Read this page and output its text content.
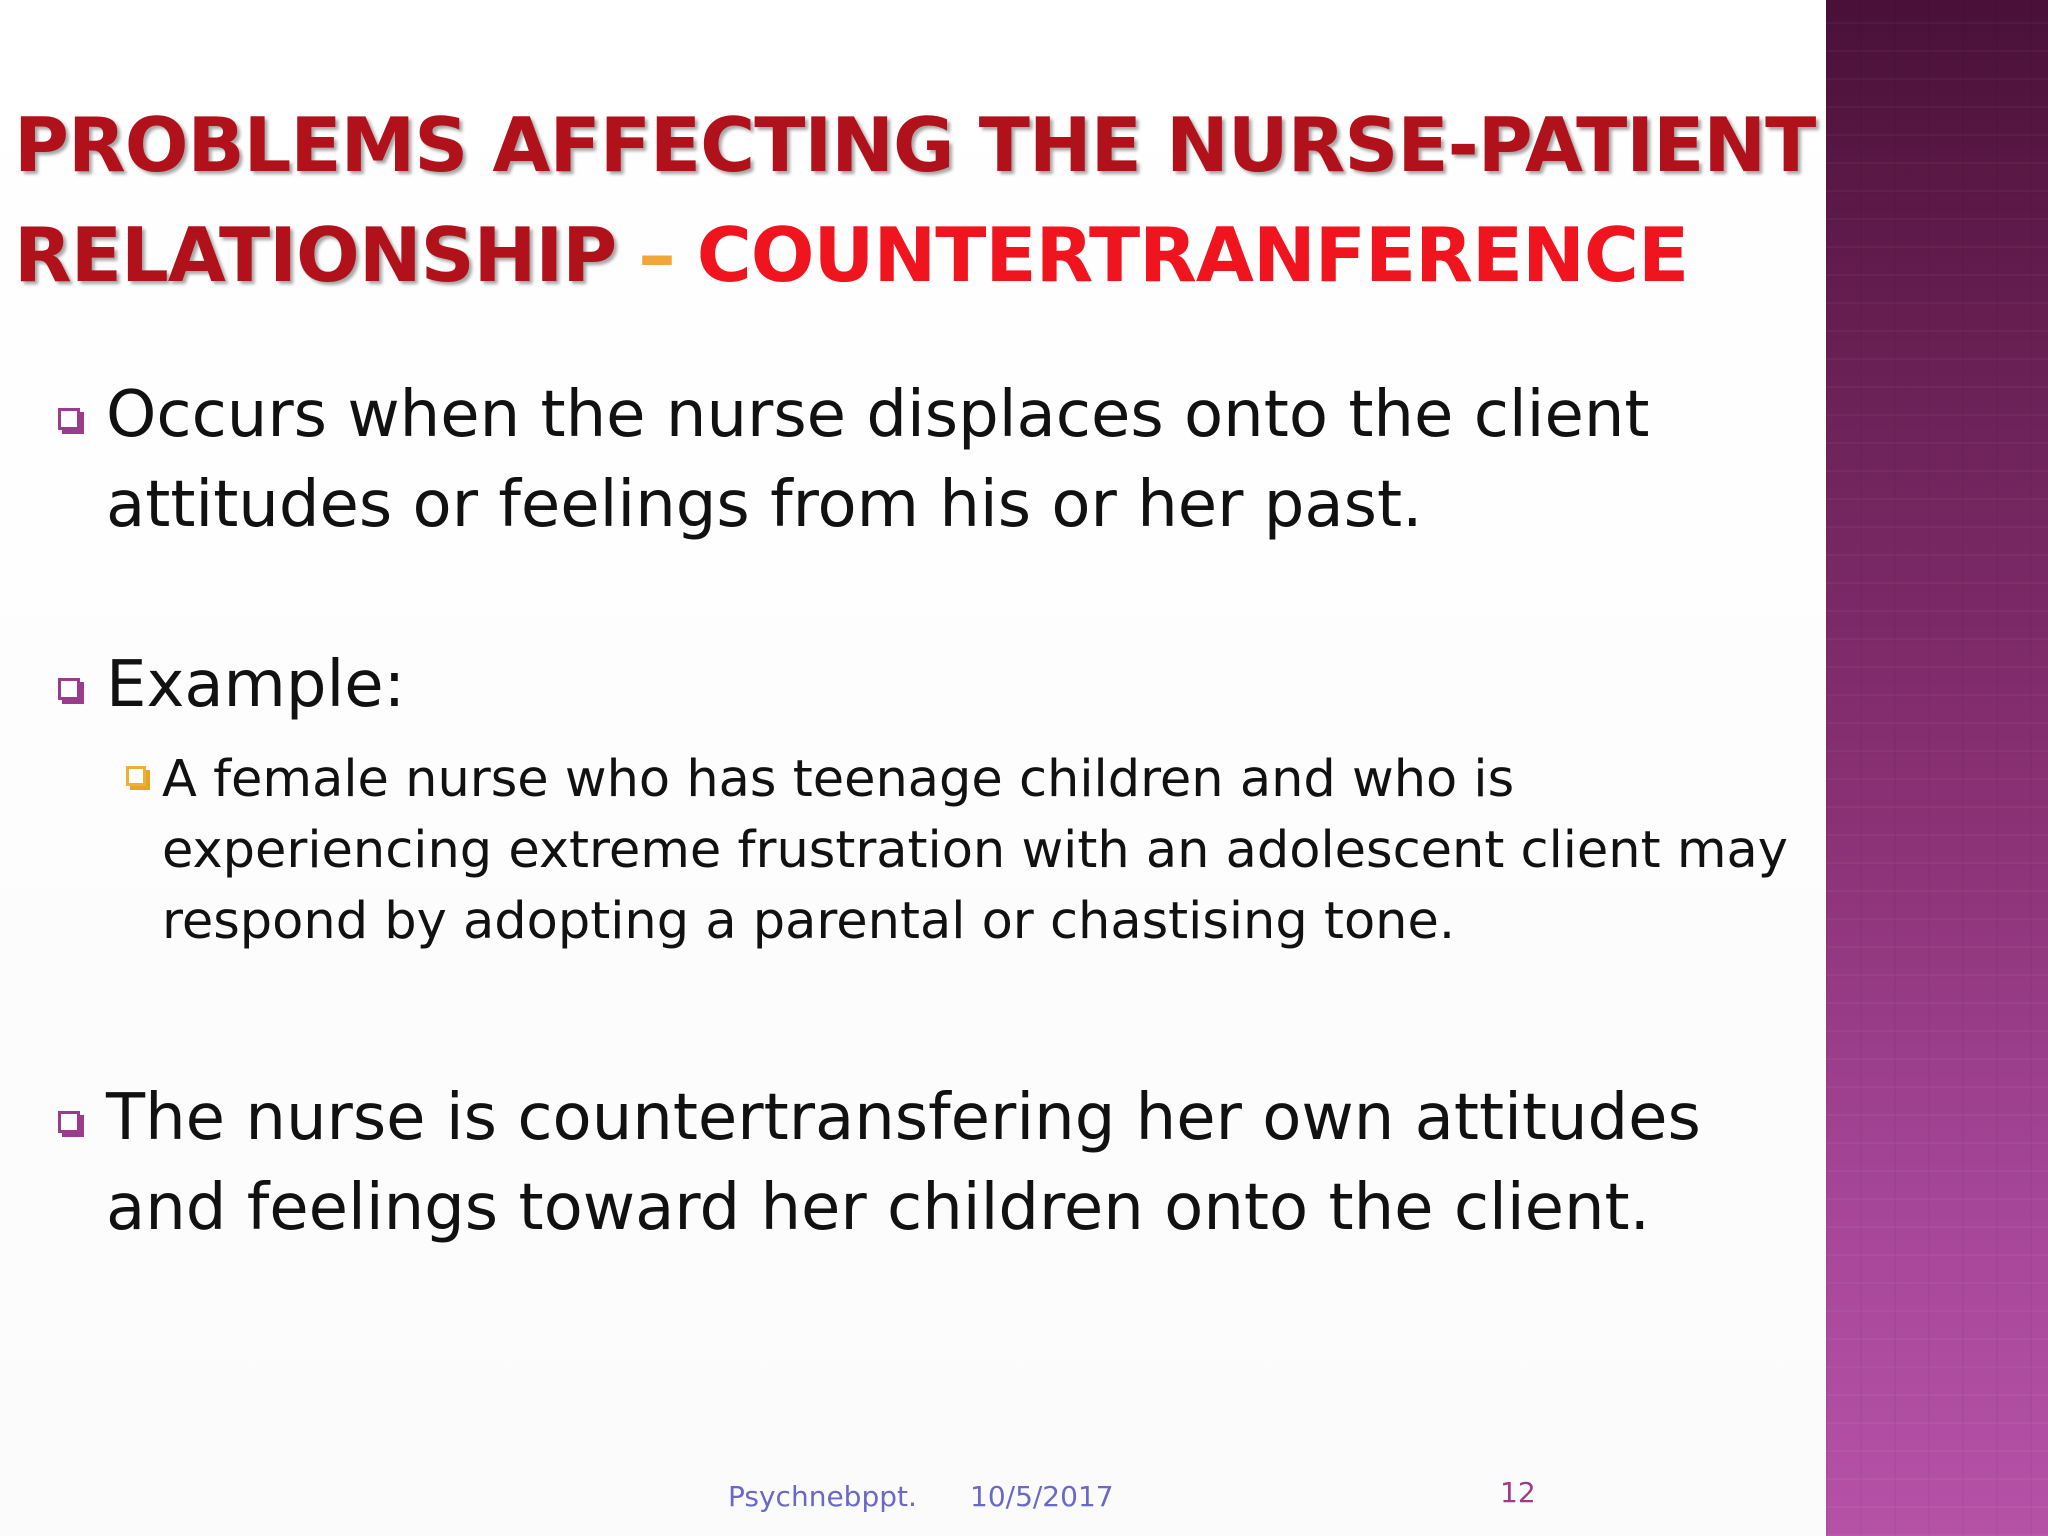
PROBLEMS AFFECTING THE NURSE-PATIENT
RELATIONSHIP – COUNTERTRANFERENCE
Occurs when the nurse displaces onto the client attitudes or feelings from his or her past.
Example:
A female nurse who has teenage children and who is experiencing extreme frustration with an adolescent client may respond by adopting a parental or chastising tone.
The nurse is countertransfering her own attitudes and feelings toward her children onto the client.
Psychnebppt. 10/5/2017	12
